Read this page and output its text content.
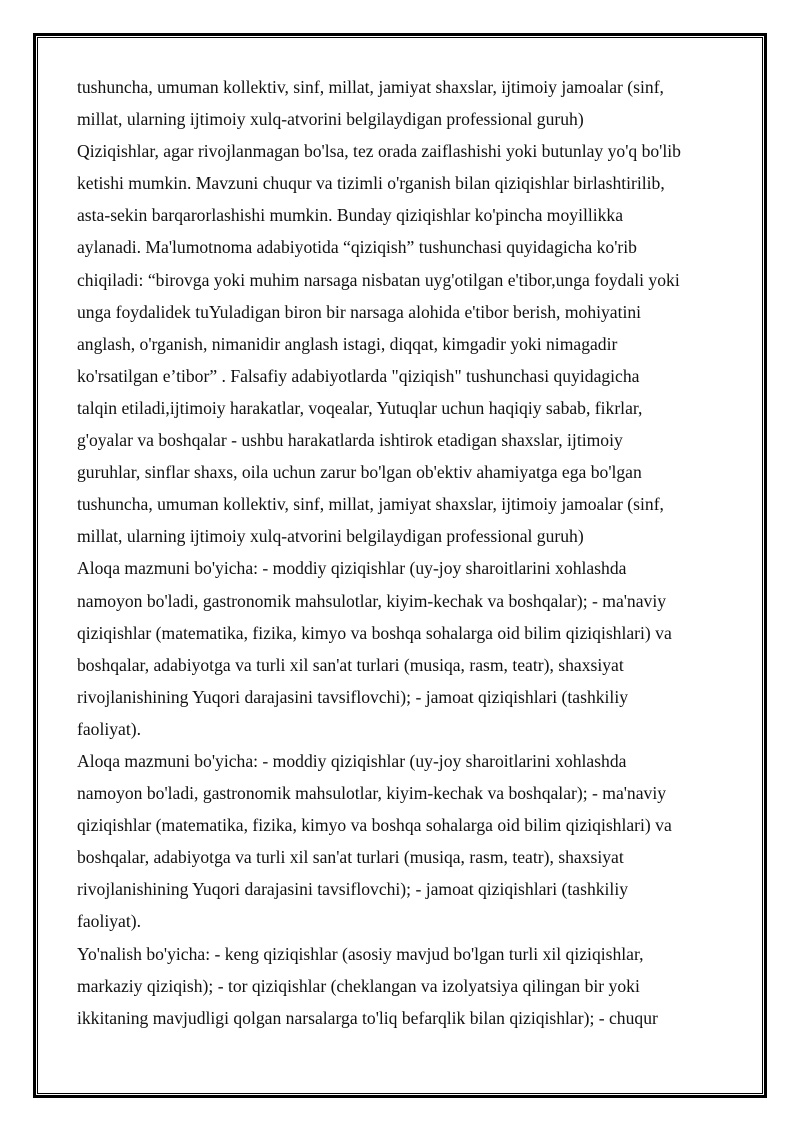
tushuncha, umuman kollektiv, sinf, millat, jamiyat shaxslar, ijtimoiy jamoalar (sinf,

millat, ularning ijtimoiy xulq-atvorini belgilaydigan professional guruh)

Qiziqishlar, agar rivojlanmagan bo'lsa, tez orada zaiflashishi yoki butunlay yo'q bo'lib

ketishi mumkin. Mavzuni chuqur va tizimli o'rganish bilan qiziqishlar birlashtirilib,

asta-sekin barqarorlashishi mumkin. Bunday qiziqishlar ko'pincha moyillikka

aylanadi. Ma'lumotnoma adabiyotida “qiziqish” tushunchasi quyidagicha ko'rib

chiqiladi: “birovga yoki muhim narsaga nisbatan uyg'otilgan e'tibor,unga foydali yoki

unga foydalidek tuYuladigan biron bir narsaga alohida e'tibor berish, mohiyatini

anglash, o'rganish, nimanidir anglash istagi, diqqat, kimgadir yoki nimagadir

ko'rsatilgan e’tibor” . Falsafiy adabiyotlarda "qiziqish" tushunchasi quyidagicha

talqin etiladi,ijtimoiy harakatlar, voqealar, Yutuqlar uchun haqiqiy sabab, fikrlar,

g'oyalar va boshqalar - ushbu harakatlarda ishtirok etadigan shaxslar, ijtimoiy

guruhlar, sinflar shaxs, oila uchun zarur bo'lgan ob'ektiv ahamiyatga ega bo'lgan

tushuncha, umuman kollektiv, sinf, millat, jamiyat shaxslar, ijtimoiy jamoalar (sinf,

millat, ularning ijtimoiy xulq-atvorini belgilaydigan professional guruh)

Aloqa mazmuni bo'yicha: - moddiy qiziqishlar (uy-joy sharoitlarini xohlashda

namoyon bo'ladi, gastronomik mahsulotlar, kiyim-kechak va boshqalar); - ma'naviy

qiziqishlar (matematika, fizika, kimyo va boshqa sohalarga oid bilim qiziqishlari) va

boshqalar, adabiyotga va turli xil san'at turlari (musiqa, rasm, teatr), shaxsiyat

rivojlanishining Yuqori darajasini tavsiflovchi); - jamoat qiziqishlari (tashkiliy

faoliyat).

Aloqa mazmuni bo'yicha: - moddiy qiziqishlar (uy-joy sharoitlarini xohlashda

namoyon bo'ladi, gastronomik mahsulotlar, kiyim-kechak va boshqalar); - ma'naviy

qiziqishlar (matematika, fizika, kimyo va boshqa sohalarga oid bilim qiziqishlari) va

boshqalar, adabiyotga va turli xil san'at turlari (musiqa, rasm, teatr), shaxsiyat

rivojlanishining Yuqori darajasini tavsiflovchi); - jamoat qiziqishlari (tashkiliy

faoliyat).

Yo'nalish bo'yicha: - keng qiziqishlar (asosiy mavjud bo'lgan turli xil qiziqishlar,

markaziy qiziqish); - tor qiziqishlar (cheklangan va izolyatsiya qilingan bir yoki

ikkitaning mavjudligi qolgan narsalarga to'liq befarqlik bilan qiziqishlar); - chuqur
